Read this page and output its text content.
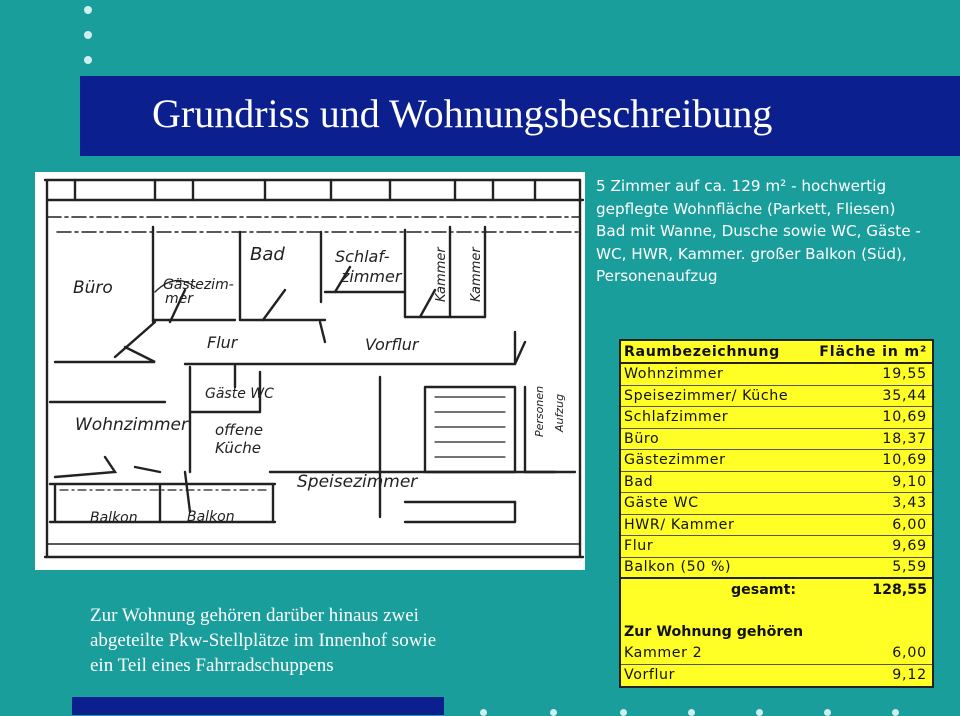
Grundriss und Wohnungsbeschreibung
Büro	Gästezim-
mer
Bad	Schlaf-
zimmer	Kammer Kammer
Flur	Vorflur
Gäste WC
Wohnzimmer offene
Küche
Speisezimmer
Personen Aufzug
Balkon	Balkon
5 Zimmer auf ca. 129 m² - hochwertig
gepflegte Wohnfläche (Parkett, Fliesen)
Bad mit Wanne, Dusche sowie WC, Gäste -
WC, HWR, Kammer. großer Balkon (Süd),
Personenaufzug
Raumbezeichnung	Fläche in m²
Wohnzimmer	19,55
Speisezimmer/ Küche	35,44
Schlafzimmer	10,69
Büro	18,37
Gästezimmer	10,69
Bad	9,10
Gäste WC	3,43
HWR/ Kammer	6,00
Flur	9,69
Balkon (50 %)	5,59
gesamt:	128,55
Zur Wohnung gehören
Kammer 2	6,00
Vorflur	9,12
Zur Wohnung gehören darüber hinaus zwei
abgeteilte Pkw-Stellplätze im Innenhof sowie
ein Teil eines Fahrradschuppens
